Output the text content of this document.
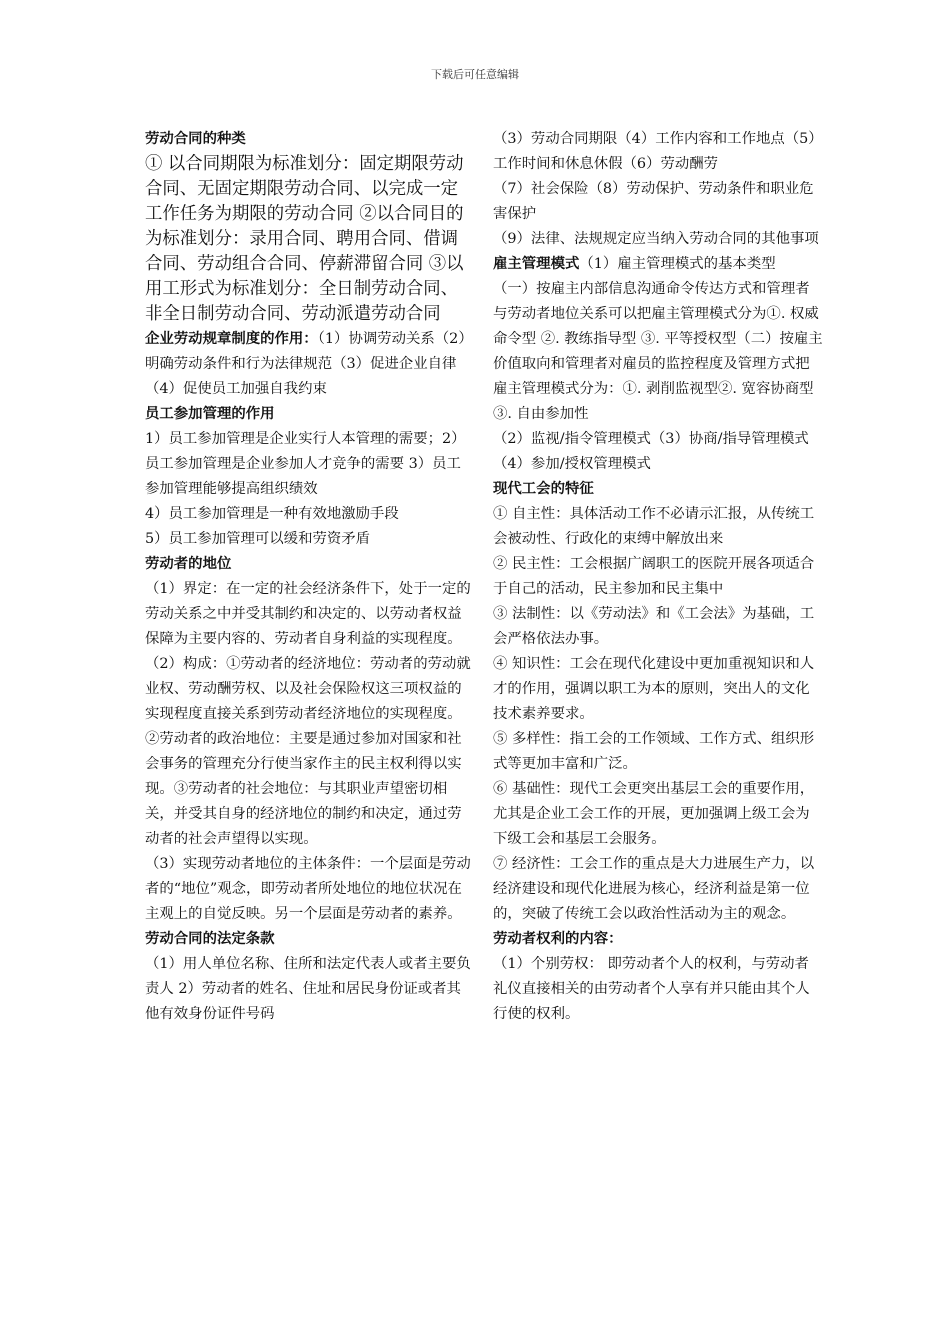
下载后可任意编辑

劳动合同的种类

① 以合同期限为标准划分：固定期限劳动合同、无固定期限劳动合同、以完成一定工作任务为期限的劳动合同 ②以合同目的为标准划分：录用合同、聘用合同、借调合同、劳动组合合同、停薪滞留合同 ③以用工形式为标准划分：全日制劳动合同、非全日制劳动合同、劳动派遣劳动合同

企业劳动规章制度的作用：（1）协调劳动关系（2）明确劳动条件和行为法律规范（3）促进企业自律（4）促使员工加强自我约束

员工参加管理的作用

1）员工参加管理是企业实行人本管理的需要；2）员工参加管理是企业参加人才竞争的需要 3）员工参加管理能够提高组织绩效

4）员工参加管理是一种有效地激励手段

5）员工参加管理可以缓和劳资矛盾

劳动者的地位

（1）界定：在一定的社会经济条件下，处于一定的劳动关系之中并受其制约和决定的、以劳动者权益保障为主要内容的、劳动者自身利益的实现程度。

（2）构成：①劳动者的经济地位：劳动者的劳动就业权、劳动酬劳权、以及社会保险权这三项权益的实现程度直接关系到劳动者经济地位的实现程度。②劳动者的政治地位：主要是通过参加对国家和社会事务的管理充分行使当家作主的民主权利得以实现。③劳动者的社会地位：与其职业声望密切相关，并受其自身的经济地位的制约和决定，通过劳动者的社会声望得以实现。

（3）实现劳动者地位的主体条件：一个层面是劳动者的“地位”观念，即劳动者所处地位的地位状况在主观上的自觉反映。另一个层面是劳动者的素养。

劳动合同的法定条款

（1）用人单位名称、住所和法定代表人或者主要负责人 2）劳动者的姓名、住址和居民身份证或者其他有效身份证件号码

（3）劳动合同期限（4）工作内容和工作地点（5）工作时间和休息休假（6）劳动酬劳

（7）社会保险（8）劳动保护、劳动条件和职业危害保护

（9）法律、法规规定应当纳入劳动合同的其他事项

雇主管理模式（1）雇主管理模式的基本类型

（一）按雇主内部信息沟通命令传达方式和管理者与劳动者地位关系可以把雇主管理模式分为①. 权威命令型 ②. 教练指导型 ③. 平等授权型（二）按雇主价值取向和管理者对雇员的监控程度及管理方式把雇主管理模式分为：①. 剥削监视型②. 宽容协商型③. 自由参加性

（2）监视/指令管理模式（3）协商/指导管理模式（4）参加/授权管理模式

现代工会的特征

① 自主性：具体活动工作不必请示汇报，从传统工会被动性、行政化的束缚中解放出来

② 民主性：工会根据广阔职工的医院开展各项适合于自己的活动，民主参加和民主集中

③ 法制性：以《劳动法》和《工会法》为基础，工会严格依法办事。

④ 知识性：工会在现代化建设中更加重视知识和人才的作用，强调以职工为本的原则，突出人的文化技术素养要求。

⑤ 多样性：指工会的工作领域、工作方式、组织形式等更加丰富和广泛。

⑥ 基础性：现代工会更突出基层工会的重要作用，尤其是企业工会工作的开展，更加强调上级工会为下级工会和基层工会服务。

⑦ 经济性：工会工作的重点是大力进展生产力，以经济建设和现代化进展为核心，经济利益是第一位的，突破了传统工会以政治性活动为主的观念。

劳动者权利的内容：

（1）个别劳权： 即劳动者个人的权利，与劳动者礼仪直接相关的由劳动者个人享有并只能由其个人行使的权利。
